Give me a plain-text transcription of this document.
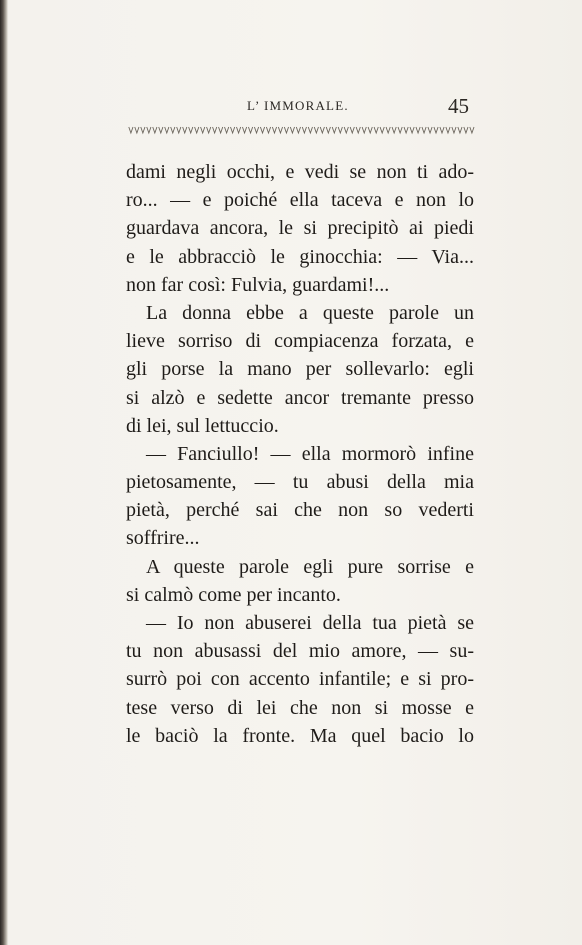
L’ IMMORALE.	45
dami negli occhi, e vedi se non ti ado-
ro... — e poiché ella taceva e non lo
guardava ancora, le si precipitò ai piedi
e le abbracciò le ginocchia: — Via...
non far così: Fulvia, guardami!...
La donna ebbe a queste parole un
lieve sorriso di compiacenza forzata, e
gli porse la mano per sollevarlo: egli
si alzò e sedette ancor tremante presso
di lei, sul lettuccio.
— Fanciullo! — ella mormorò infine
pietosamente, — tu abusi della mia
pietà, perché sai che non so vederti
soffrire...
A queste parole egli pure sorrise e
si calmò come per incanto.
— Io non abuserei della tua pietà se
tu non abusassi del mio amore, — su-
surrò poi con accento infantile; e si pro-
tese verso di lei che non si mosse e
le baciò la fronte. Ma quel bacio lo
